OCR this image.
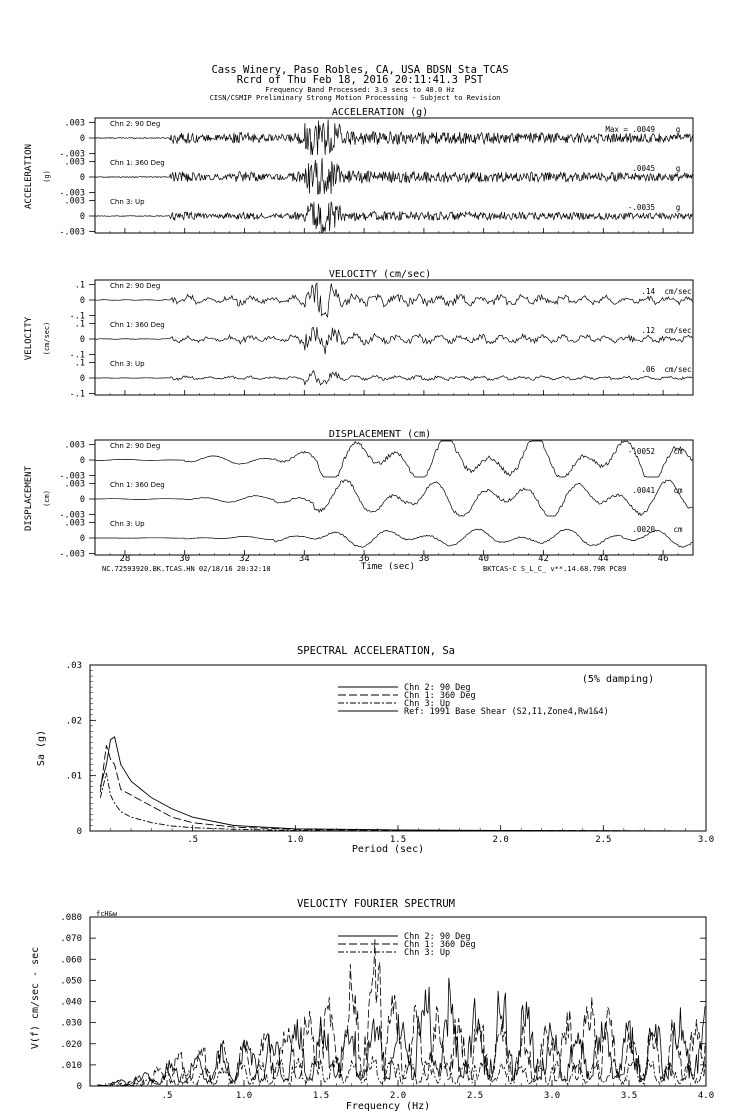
Cass Winery, Paso Robles, CA, USA BDSN Sta TCAS
Rcrd of Thu Feb 18, 2016 20:11:41.3 PST
Frequency Band Processed: 3.3 secs to 40.0 Hz
CISN/CSMIP Preliminary Strong Motion Processing - Subject to Revision
ACCELERATION (g)
ACCELERATION (g)
.003
0
-.003
Chn 2: 90 Deg
Max = .0049	g
.003
0
-.003
Chn 1: 360 Deg
.0045	g
.003
0
-.003
Chn 3: Up
-.0035	g
VELOCITY (cm/sec)
VELOCITY (cm/sec)
.1
0
-.1
Chn 2: 90 Deg
.14 cm/sec
.1
0
-.1
Chn 1: 360 Deg
.12 cm/sec
.1
0
-.1
Chn 3: Up
.06 cm/sec
DISPLACEMENT (cm)
DISPLACEMENT (cm)
.003
0
-.003
Chn 2: 90 Deg
-.0052 cm
.003
0
-.003
Chn 1: 360 Deg
.0041 cm
.003
0
-.003
Chn 3: Up
.0020 cm
28	30	32	34	36	38	40	42	44	46
Time (sec)
NC.72593920.BK.TCAS.HN 02/18/16 20:32:18	BKTCAS-C S_L_C_ v**.14.68.79R PC89
SPECTRAL ACCELERATION, Sa
(5% damping)
Sa (g)
Period (sec)
.03
.02
.01
0
.5	1.0	1.5	2.0	2.5	3.0
Chn 2: 90 Deg
Chn 1: 360 Deg
Chn 3: Up
Ref: 1991 Base Shear (S2,I1,Zone4,Rw1&4)
VELOCITY FOURIER SPECTRUM
fcH&w
V(f) cm/sec - sec
Frequency (Hz)
.080
.070
.060
.050
.040
.030
.020
.010
0
.5	1.0	1.5	2.0	2.5	3.0	3.5	4.0
Chn 2: 90 Deg
Chn 1: 360 Deg
Chn 3: Up
